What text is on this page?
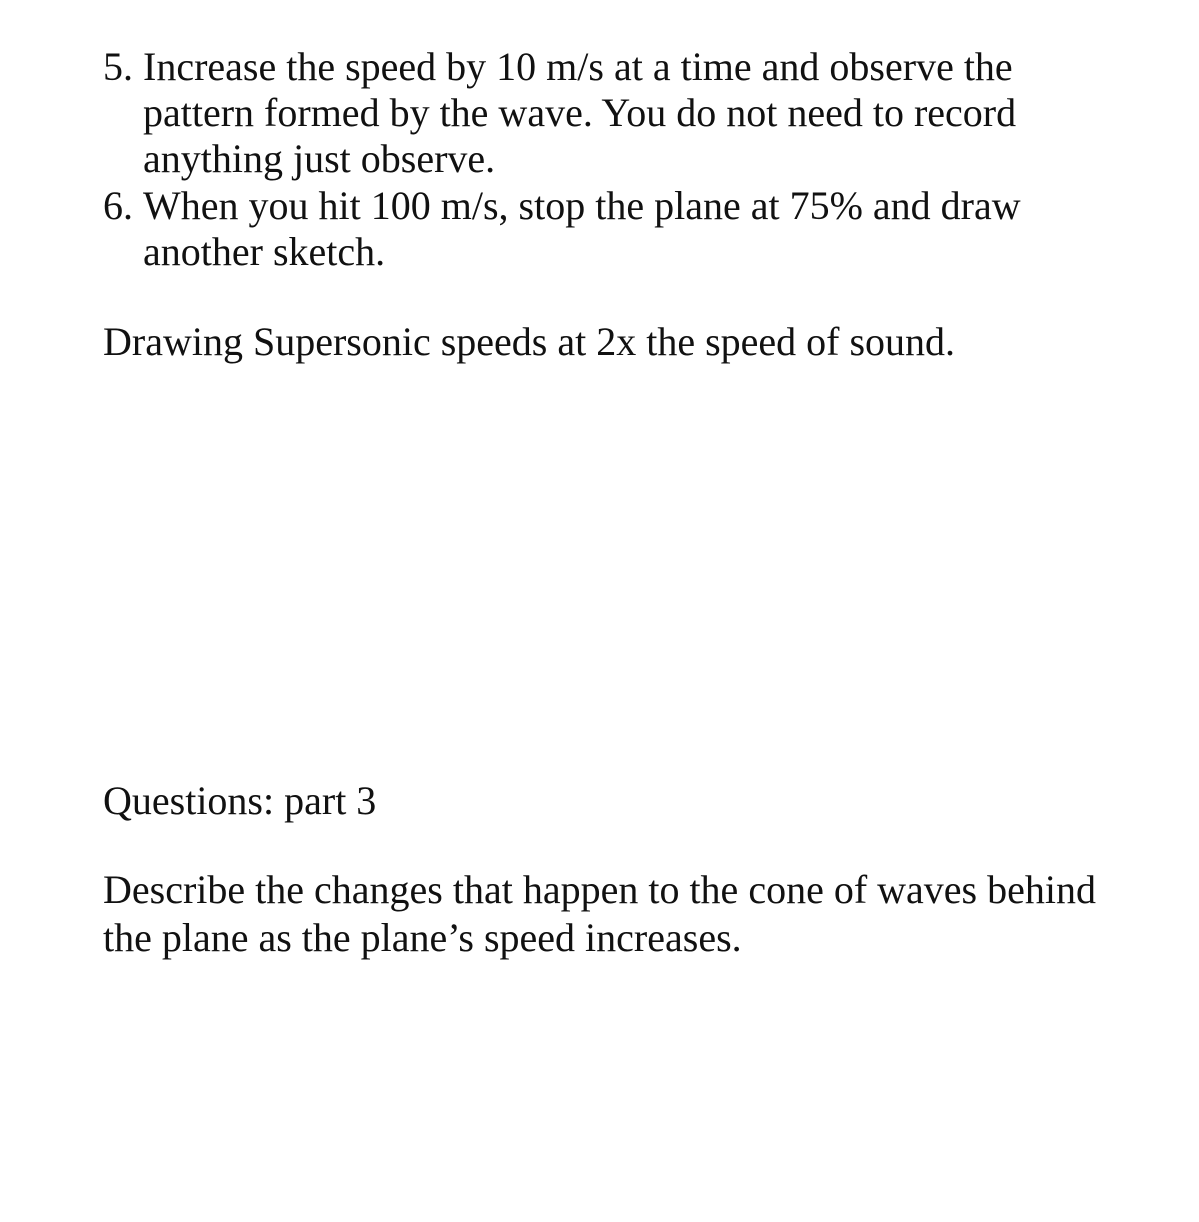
5. Increase the speed by 10 m/s at a time and observe the pattern formed by the wave. You do not need to record anything just observe.
6. When you hit 100 m/s, stop the plane at 75% and draw another sketch.
Drawing Supersonic speeds at 2x the speed of sound.
Questions: part 3
Describe the changes that happen to the cone of waves behind the plane as the plane’s speed increases.
